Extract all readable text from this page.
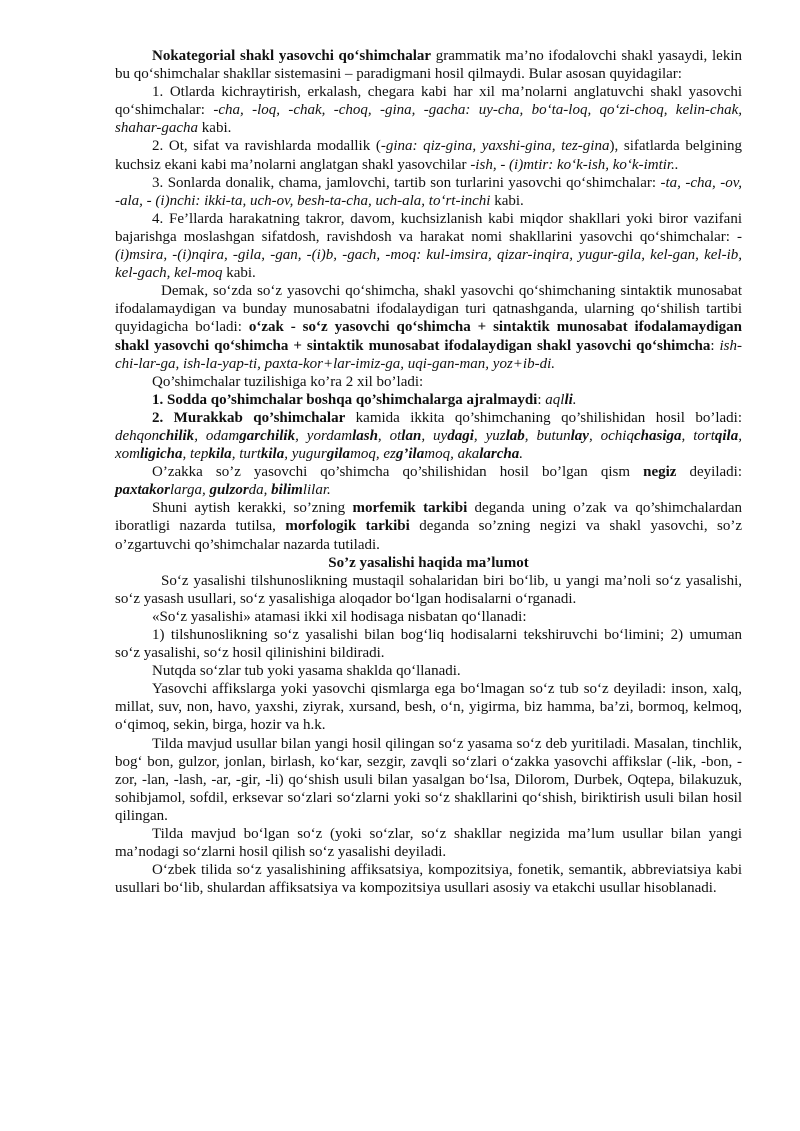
Nokategorial shakl yasovchi qo‘shimchalar grammatik ma’no ifodalovchi shakl yasaydi, lekin bu qo‘shimchalar shakllar sistemasini – paradigmani hosil qilmaydi. Bular asosan quyidagilar:

1. Otlarda kichraytirish, erkalash, chegara kabi har xil ma’nolarni anglatuvchi shakl yasovchi qo‘shimchalar: -cha, -loq, -chak, -choq, -gina, -gacha: uy-cha, bo‘ta-loq, qo‘zi-choq, kelin-chak, shahar-gacha kabi.

2. Ot, sifat va ravishlarda modallik (-gina: qiz-gina, yaxshi-gina, tez-gina), sifatlarda belgining kuchsiz ekani kabi ma’nolarni anglatgan shakl yasovchilar -ish, - (i)mtir: ko‘k-ish, ko‘k-imtir..

3. Sonlarda donalik, chama, jamlovchi, tartib son turlarini yasovchi qo‘shimchalar: -ta, -cha, -ov, -ala, - (i)nchi: ikki-ta, uch-ov, besh-ta-cha, uch-ala, to‘rt-inchi kabi.

4. Fe’llarda harakatning takror, davom, kuchsizlanish kabi miqdor shakllari yoki biror vazifani bajarishga moslashgan sifatdosh, ravishdosh va harakat nomi shakllarini yasovchi qo‘shimchalar: -(i)msira, -(i)nqira, -gila, -gan, -(i)b, -gach, -moq: kul-imsira, qizar-inqira, yugur-gila, kel-gan, kel-ib, kel-gach, kel-moq kabi.

Demak, so‘zda so‘z yasovchi qo‘shimcha, shakl yasovchi qo‘shimchaning sintaktik munosabat ifodalamaydigan va bunday munosabatni ifodalaydigan turi qatnashganda, ularning qo‘shilish tartibi quyidagicha bo‘ladi: o‘zak - so‘z yasovchi qo‘shimcha + sintaktik munosabat ifodalamaydigan shakl yasovchi qo‘shimcha + sintaktik munosabat ifodalaydigan shakl yasovchi qo‘shimcha: ish-chi-lar-ga, ish-la-yap-ti, paxta-kor+lar-imiz-ga, uqi-gan-man, yoz+ib-di.

Qo’shimchalar tuzilishiga ko’ra 2 xil bo’ladi:

1. Sodda qo’shimchalar boshqa qo’shimchalarga ajralmaydi: aqlli.

2. Murakkab qo’shimchalar kamida ikkita qo’shimchaning qo’shilishidan hosil bo’ladi: dehqonchilik, odamgarchilik, yordamlash, otlan, uydagi, yuzlab, butunlay, ochiqchasiga, tortqila, xomligicha, tepkila, turtkila, yugurgilamoq, ezg’ilamoq, akalarcha.

O’zakka so’z yasovchi qo’shimcha qo’shilishidan hosil bo’lgan qism negiz deyiladi: paxtakorlarga, gulzorda, bilimlilar.

Shuni aytish kerakki, so’zning morfemik tarkibi deganda uning o’zak va qo’shimchalardan iboratligi nazarda tutilsa, morfologik tarkibi deganda so’zning negizi va shakl yasovchi, so’z o’zgartuvchi qo’shimchalar nazarda tutiladi.

So’z yasalishi haqida ma’lumot

So‘z yasalishi tilshunoslikning mustaqil sohalaridan biri bo‘lib, u yangi ma’noli so‘z yasalishi, so‘z yasash usullari, so‘z yasalishiga aloqador bo‘lgan hodisalarni o‘rganadi.

«So‘z yasalishi» atamasi ikki xil hodisaga nisbatan qo‘llanadi:

1) tilshunoslikning so‘z yasalishi bilan bog‘liq hodisalarni tekshiruvchi bo‘limini; 2) umuman so‘z yasalishi, so‘z hosil qilinishini bildiradi.

Nutqda so‘zlar tub yoki yasama shaklda qo‘llanadi.

Yasovchi affikslarga yoki yasovchi qismlarga ega bo‘lmagan so‘z tub so‘z deyiladi: inson, xalq, millat, suv, non, havo, yaxshi, ziyrak, xursand, besh, o‘n, yigirma, biz hamma, ba’zi, bormoq, kelmoq, o‘qimoq, sekin, birga, hozir va h.k.

Tilda mavjud usullar bilan yangi hosil qilingan so‘z yasama so‘z deb yuritiladi. Masalan, tinchlik, bog‘ bon, gulzor, jonlan, birlash, ko‘kar, sezgir, zavqli so‘zlari o‘zakka yasovchi affikslar (-lik, -bon, -zor, -lan, -lash, -ar, -gir, -li) qo‘shish usuli bilan yasalgan bo‘lsa, Dilorom, Durbek, Oqtepa, bilakuzuk, sohibjamol, sofdil, erksevar so‘zlari so‘zlarni yoki so‘z shakllarini qo‘shish, biriktirish usuli bilan hosil qilingan.

Tilda mavjud bo‘lgan so‘z (yoki so‘zlar, so‘z shakllar negizida ma’lum usullar bilan yangi ma’nodagi so‘zlarni hosil qilish so‘z yasalishi deyiladi.

O‘zbek tilida so‘z yasalishining affiksatsiya, kompozitsiya, fonetik, semantik, abbreviatsiya kabi usullari bo‘lib, shulardan affiksatsiya va kompozitsiya usullari asosiy va etakchi usullar hisoblanadi.
